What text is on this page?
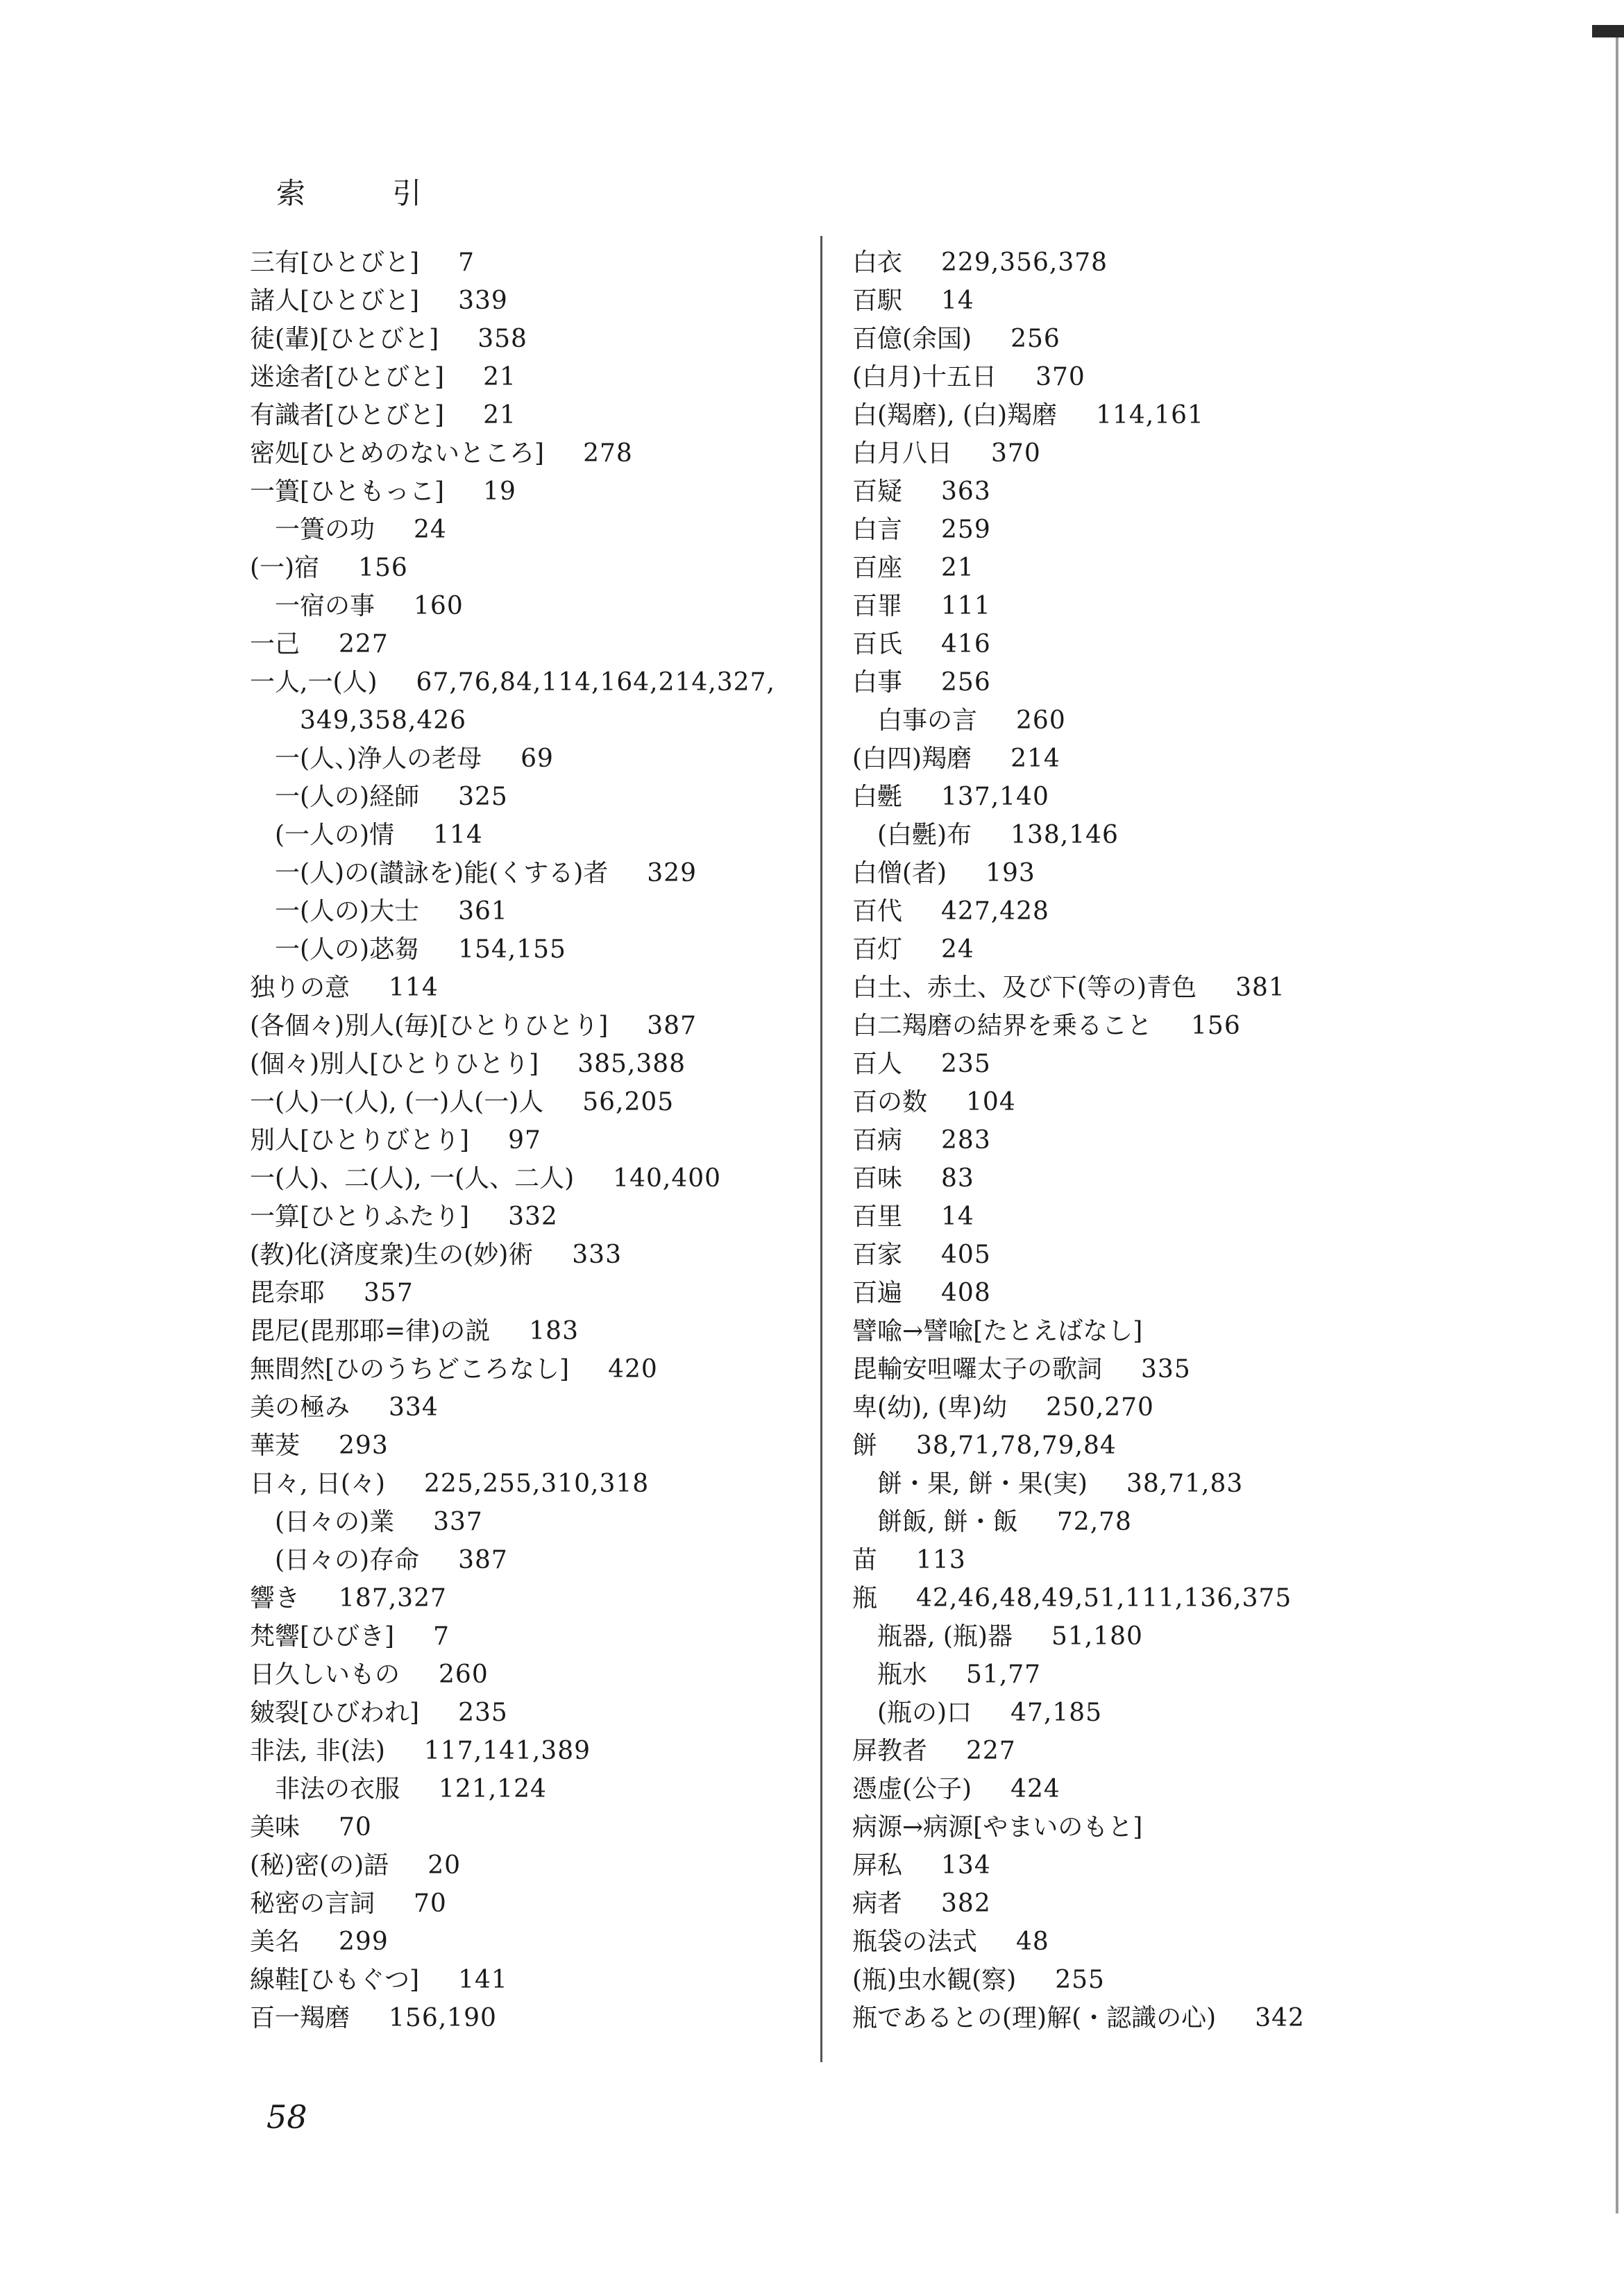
索 引
三有[ひとびと] 7
諸人[ひとびと] 339
徒(輩)[ひとびと] 358
迷途者[ひとびと] 21
有識者[ひとびと] 21
密処[ひとめのないところ] 278
一簣[ひともっこ] 19
一簣の功 24
(一)宿 156
一宿の事 160
一己 227
一人,一(人) 67,76,84,114,164,214,327,
349,358,426
一(人、)浄人の老母 69
一(人の)経師 325
(一人の)情 114
一(人)の(讃詠を)能(くする)者 329
一(人の)大士 361
一(人の)苾芻 154,155
独りの意 114
(各個々)別人(毎)[ひとりひとり] 387
(個々)別人[ひとりひとり] 385,388
一(人)一(人), (一)人(一)人 56,205
別人[ひとりびとり] 97
一(人)、二(人), 一(人、二人) 140,400
一算[ひとりふたり] 332
(教)化(済度衆)生の(妙)術 333
毘奈耶 357
毘尼(毘那耶=律)の説 183
無間然[ひのうちどころなし] 420
美の極み 334
華茇 293
日々, 日(々) 225,255,310,318
(日々の)業 337
(日々の)存命 387
響き 187,327
梵響[ひびき] 7
日久しいもの 260
皴裂[ひびわれ] 235
非法, 非(法) 117,141,389
非法の衣服 121,124
美味 70
(秘)密(の)語 20
秘密の言詞 70
美名 299
線鞋[ひもぐつ] 141
百一羯磨 156,190
白衣 229,356,378
百駅 14
百億(余国) 256
(白月)十五日 370
白(羯磨), (白)羯磨 114,161
白月八日 370
百疑 363
白言 259
百座 21
百罪 111
百氏 416
白事 256
白事の言 260
(白四)羯磨 214
白氎 137,140
(白氎)布 138,146
白僧(者) 193
百代 427,428
百灯 24
白土、赤土、及び下(等の)青色 381
白二羯磨の結界を乗ること 156
百人 235
百の数 104
百病 283
百味 83
百里 14
百家 405
百遍 408
譬喩→譬喩[たとえばなし]
毘輸安呾囉太子の歌詞 335
卑(幼), (卑)幼 250,270
餅 38,71,78,79,84
餅・果, 餅・果(実) 38,71,83
餅飯, 餅・飯 72,78
苗 113
瓶 42,46,48,49,51,111,136,375
瓶器, (瓶)器 51,180
瓶水 51,77
(瓶の)口 47,185
屏教者 227
憑虚(公子) 424
病源→病源[やまいのもと]
屏私 134
病者 382
瓶袋の法式 48
(瓶)虫水観(察) 255
瓶であるとの(理)解(・認識の心) 342
58
